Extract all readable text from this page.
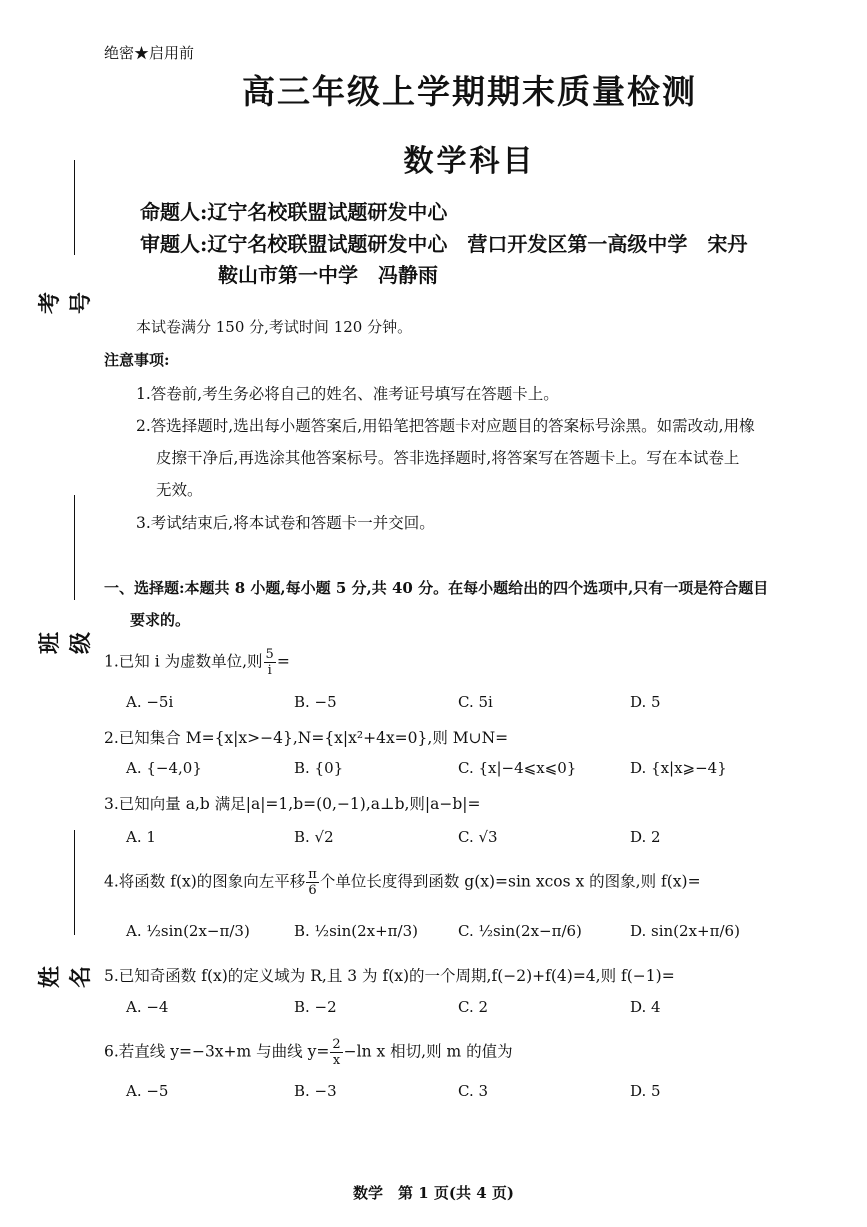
绝密★启用前
高三年级上学期期末质量检测
数学科目
命题人:辽宁名校联盟试题研发中心
审题人:辽宁名校联盟试题研发中心　营口开发区第一高级中学　宋丹
鞍山市第一中学　冯静雨
考号
班级
姓名
本试卷满分 150 分,考试时间 120 分钟。
注意事项:
1.答卷前,考生务必将自己的姓名、准考证号填写在答题卡上。
2.答选择题时,选出每小题答案后,用铅笔把答题卡对应题目的答案标号涂黑。如需改动,用橡
皮擦干净后,再选涂其他答案标号。答非选择题时,将答案写在答题卡上。写在本试卷上
无效。
3.考试结束后,将本试卷和答题卡一并交回。
一、选择题:本题共 8 小题,每小题 5 分,共 40 分。在每小题给出的四个选项中,只有一项是符合题目
要求的。
1.已知 i 为虚数单位,则 $\frac{5}{i}$ =
A. −5i	B. −5	C. 5i	D. 5
2.已知集合 M={x|x>−4},N={x|x²+4x=0},则 M∪N=
A. {−4,0}	B. {0}	C. {x|−4⩽x⩽0}	D. {x|x⩾−4}
3.已知向量 a,b 满足|a|=1,b=(0,−1),a⊥b,则|a−b|=
A. 1	B. √2	C. √3	D. 2
4.将函数 f(x)的图象向左平移 $\frac{\pi}{6}$ 个单位长度得到函数 g(x)=sin xcos x 的图象,则 f(x)=
A. ½sin(2x−π/3)	B. ½sin(2x+π/3)	C. ½sin(2x−π/6)	D. sin(2x+π/6)
5.已知奇函数 f(x)的定义域为 R,且 3 为 f(x)的一个周期,f(−2)+f(4)=4,则 f(−1)=
A. −4	B. −2	C. 2	D. 4
6.若直线 y=−3x+m 与曲线 $y= \frac{2}{x} -\ln$ x 相切,则 m 的值为
A. −5	B. −3	C. 3	D. 5
数学　第 1 页(共 4 页)
